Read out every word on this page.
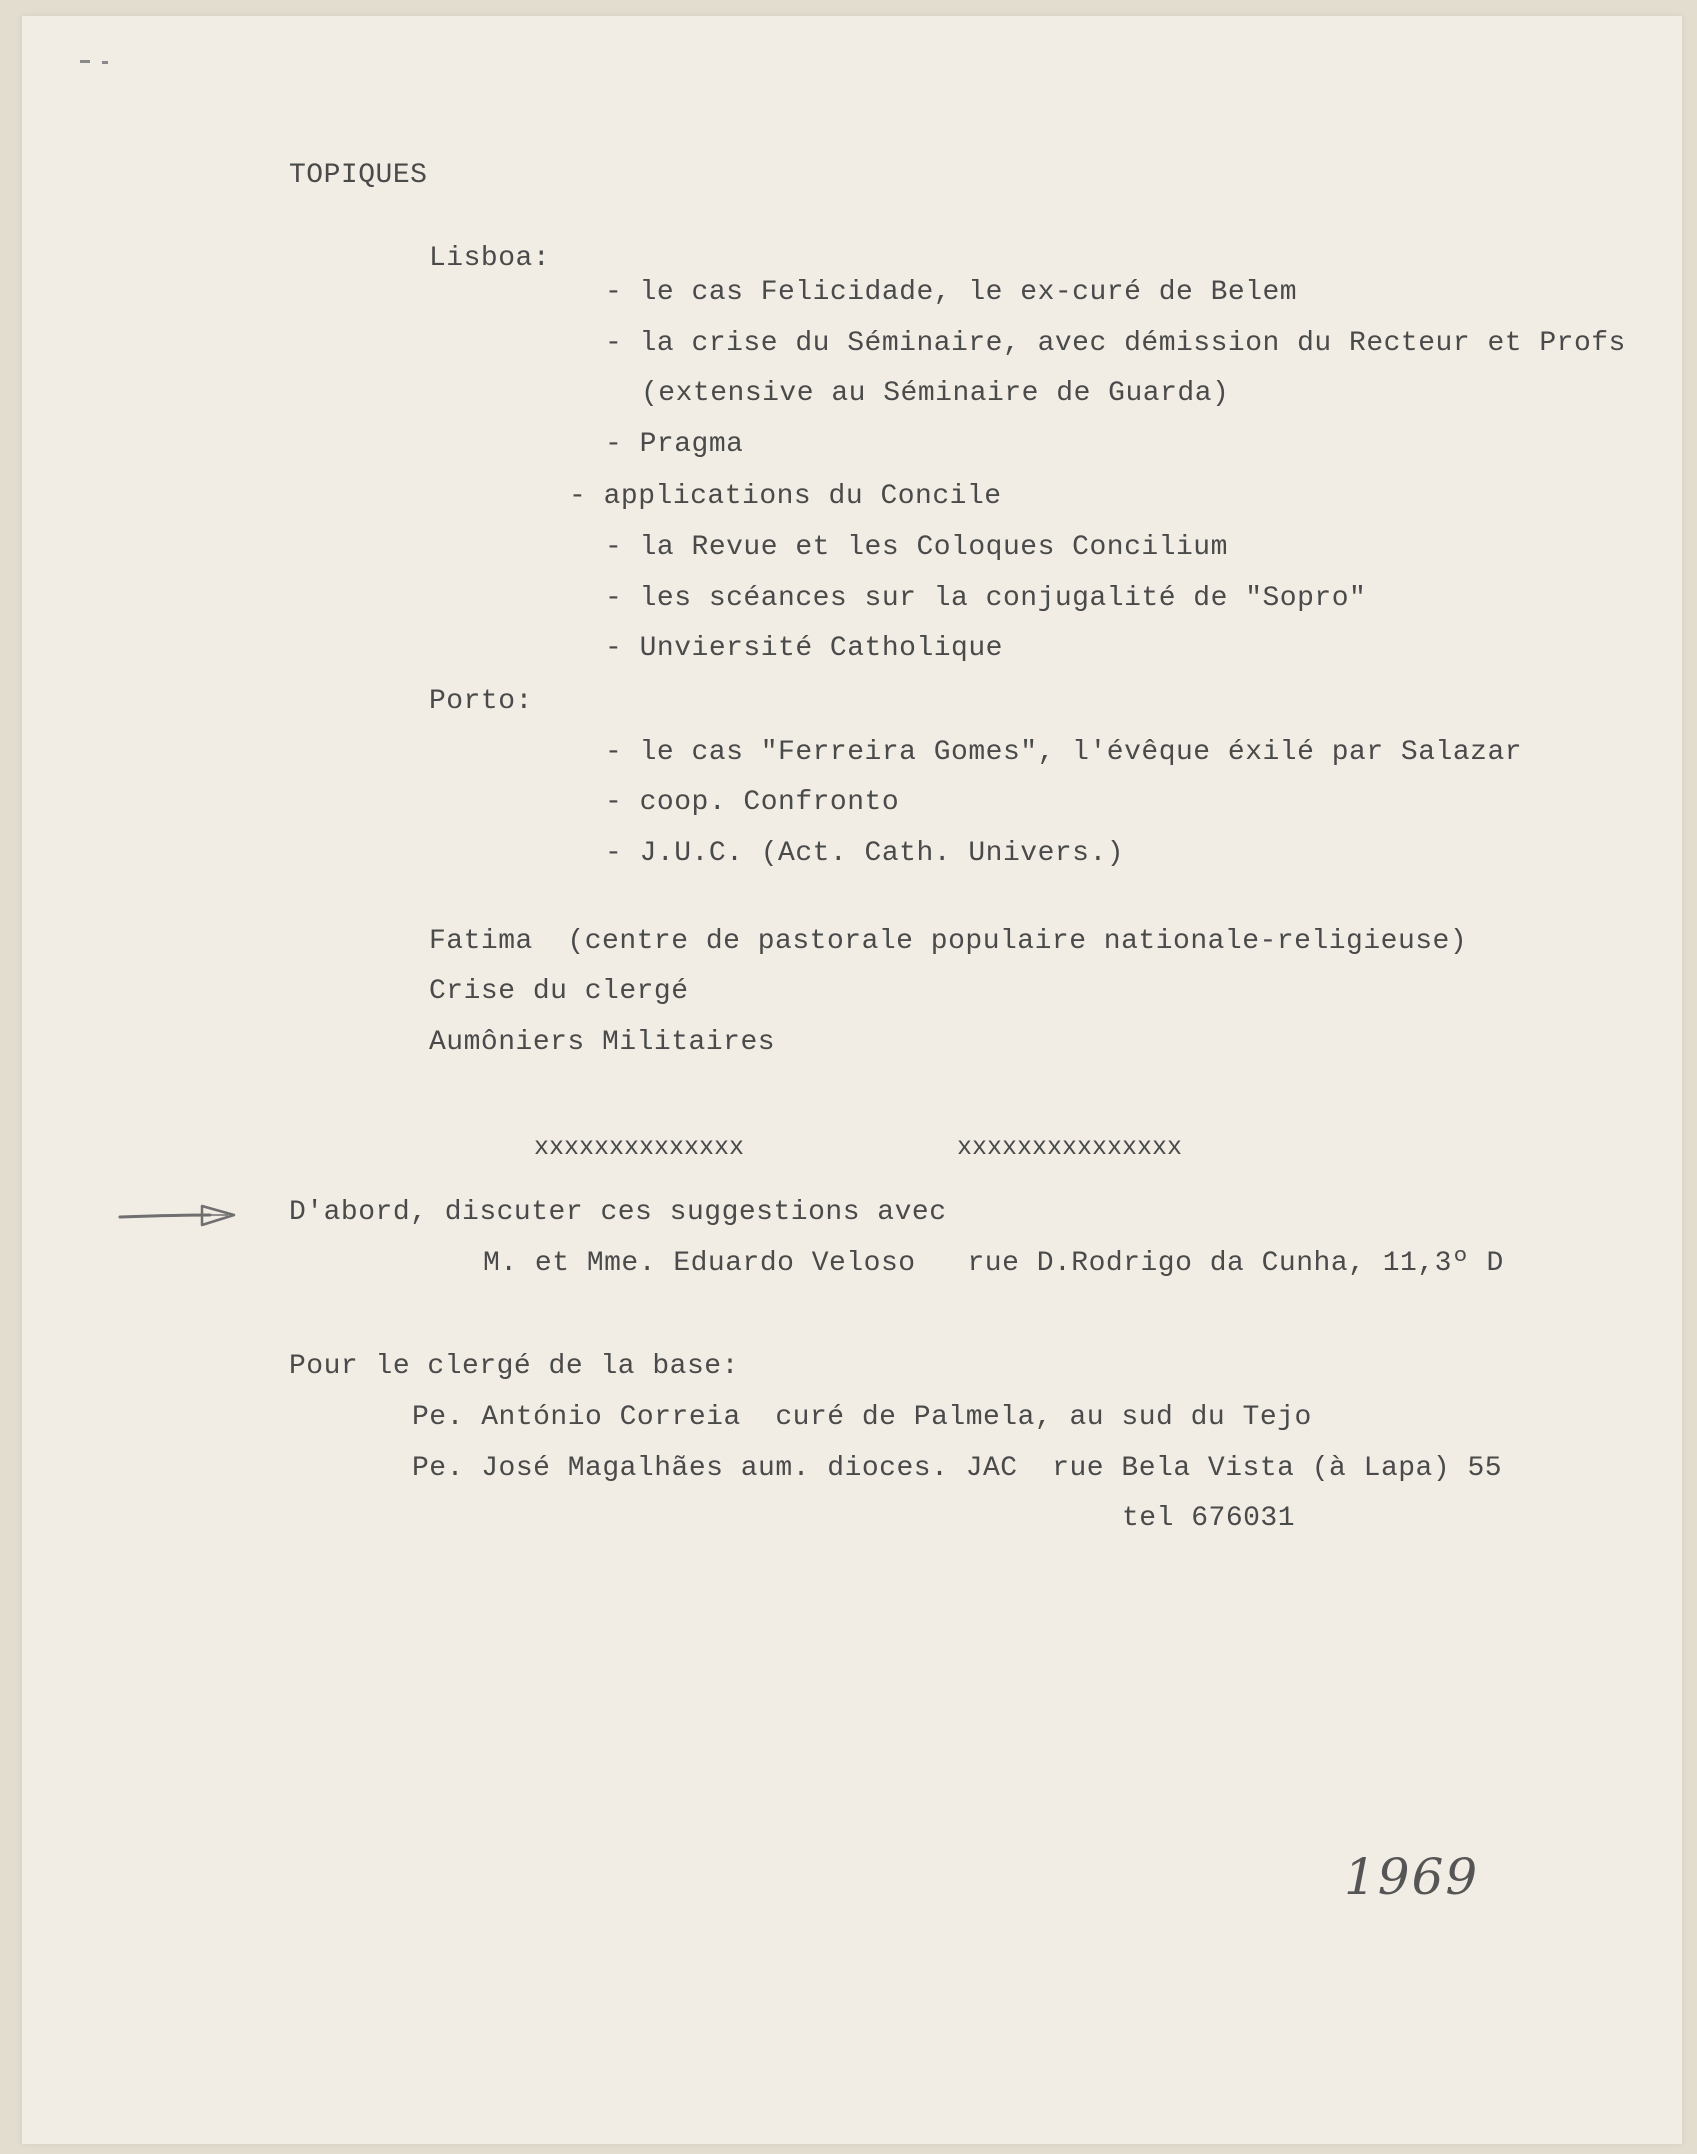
TOPIQUES
Lisboa:
- le cas Felicidade, le ex-curé de Belem
- la crise du Séminaire, avec démission du Recteur et Profs
(extensive au Séminaire de Guarda)
- Pragma
- applications du Concile
- la Revue et les Coloques Concilium
- les scéances sur la conjugalité de "Sopro"
- Unviersité Catholique
Porto:
- le cas "Ferreira Gomes", l'évêque éxilé par Salazar
- coop. Confronto
- J.U.C. (Act. Cath. Univers.)
Fatima  (centre de pastorale populaire nationale-religieuse)
Crise du clergé
Aumôniers Militaires
xxxxxxxxxxxxxx	xxxxxxxxxxxxxxx
D'abord, discuter ces suggestions avec
M. et Mme. Eduardo Veloso   rue D.Rodrigo da Cunha, 11,3º D
Pour le clergé de la base:
Pe. António Correia  curé de Palmela, au sud du Tejo
Pe. José Magalhães aum. dioces. JAC  rue Bela Vista (à Lapa) 55
tel 676031
1969
